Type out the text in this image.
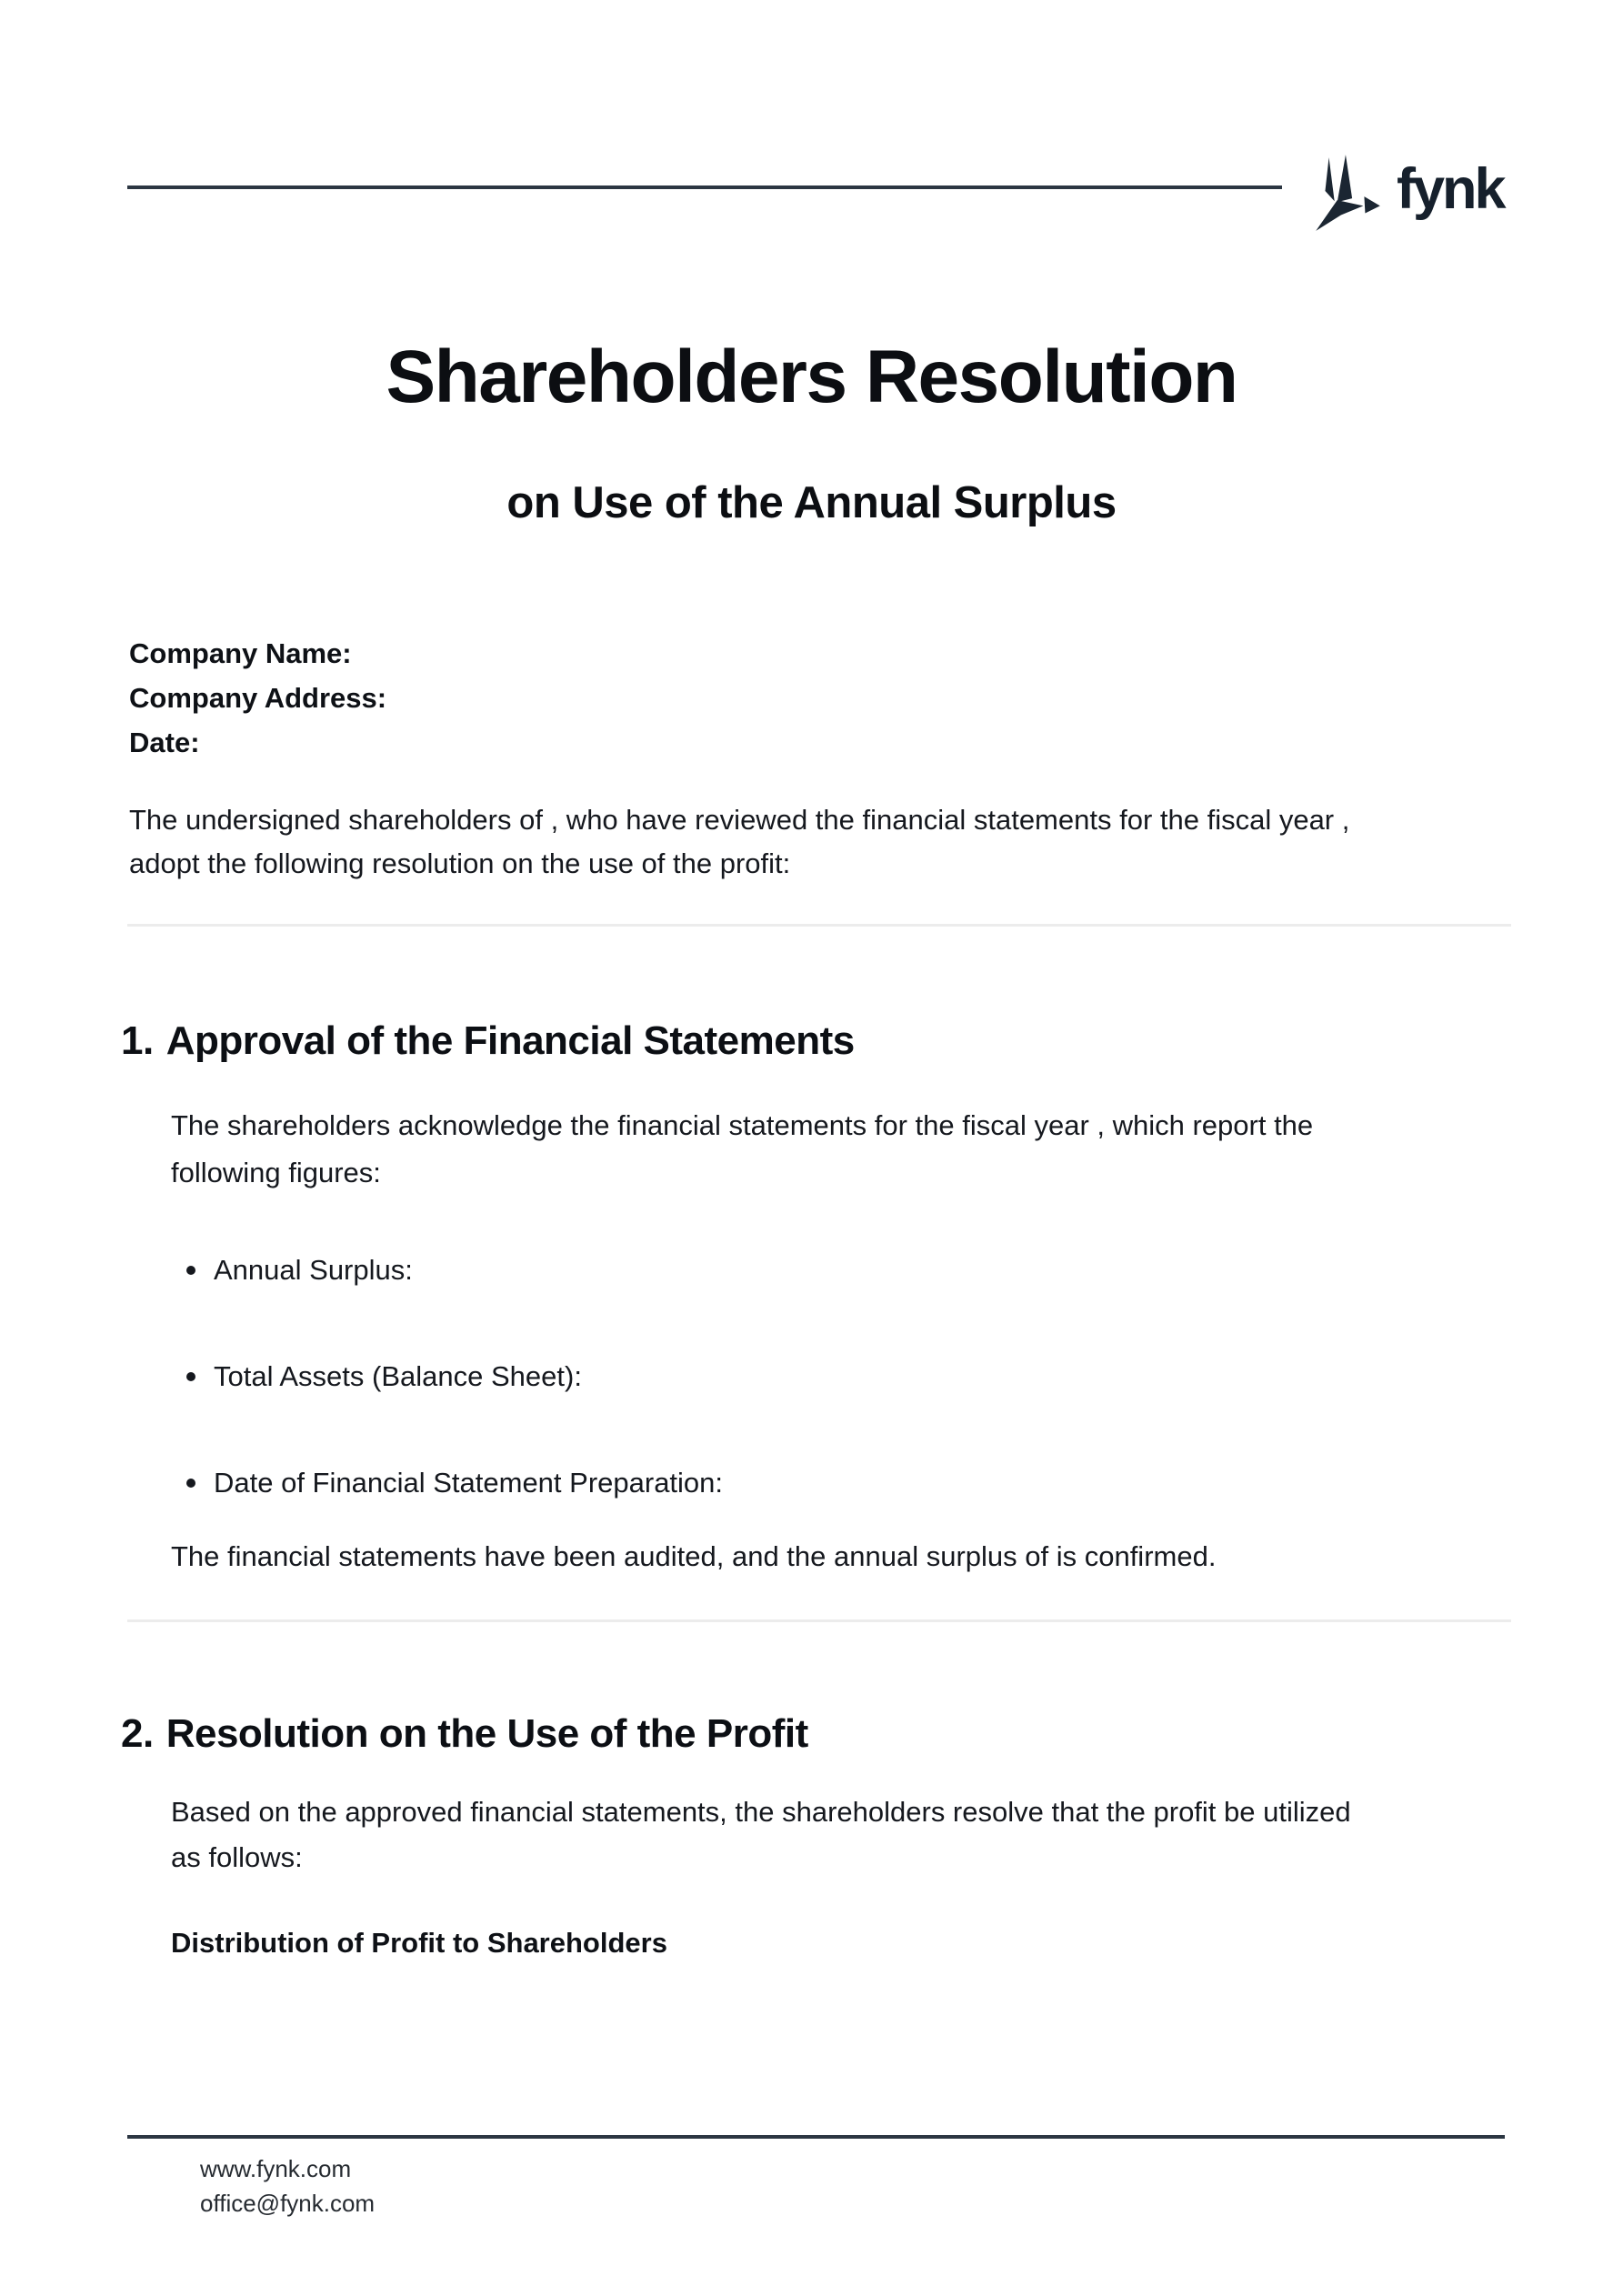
fynk
Shareholders Resolution
on Use of the Annual Surplus
Company Name:
Company Address:
Date:
The undersigned shareholders of , who have reviewed the financial statements for the fiscal year ,
adopt the following resolution on the use of the profit:
1. Approval of the Financial Statements
The shareholders acknowledge the financial statements for the fiscal year , which report the
following figures:
Annual Surplus:
Total Assets (Balance Sheet):
Date of Financial Statement Preparation:
The financial statements have been audited, and the annual surplus of is confirmed.
2. Resolution on the Use of the Profit
Based on the approved financial statements, the shareholders resolve that the profit be utilized
as follows:
Distribution of Profit to Shareholders
www.fynk.com
office@fynk.com
